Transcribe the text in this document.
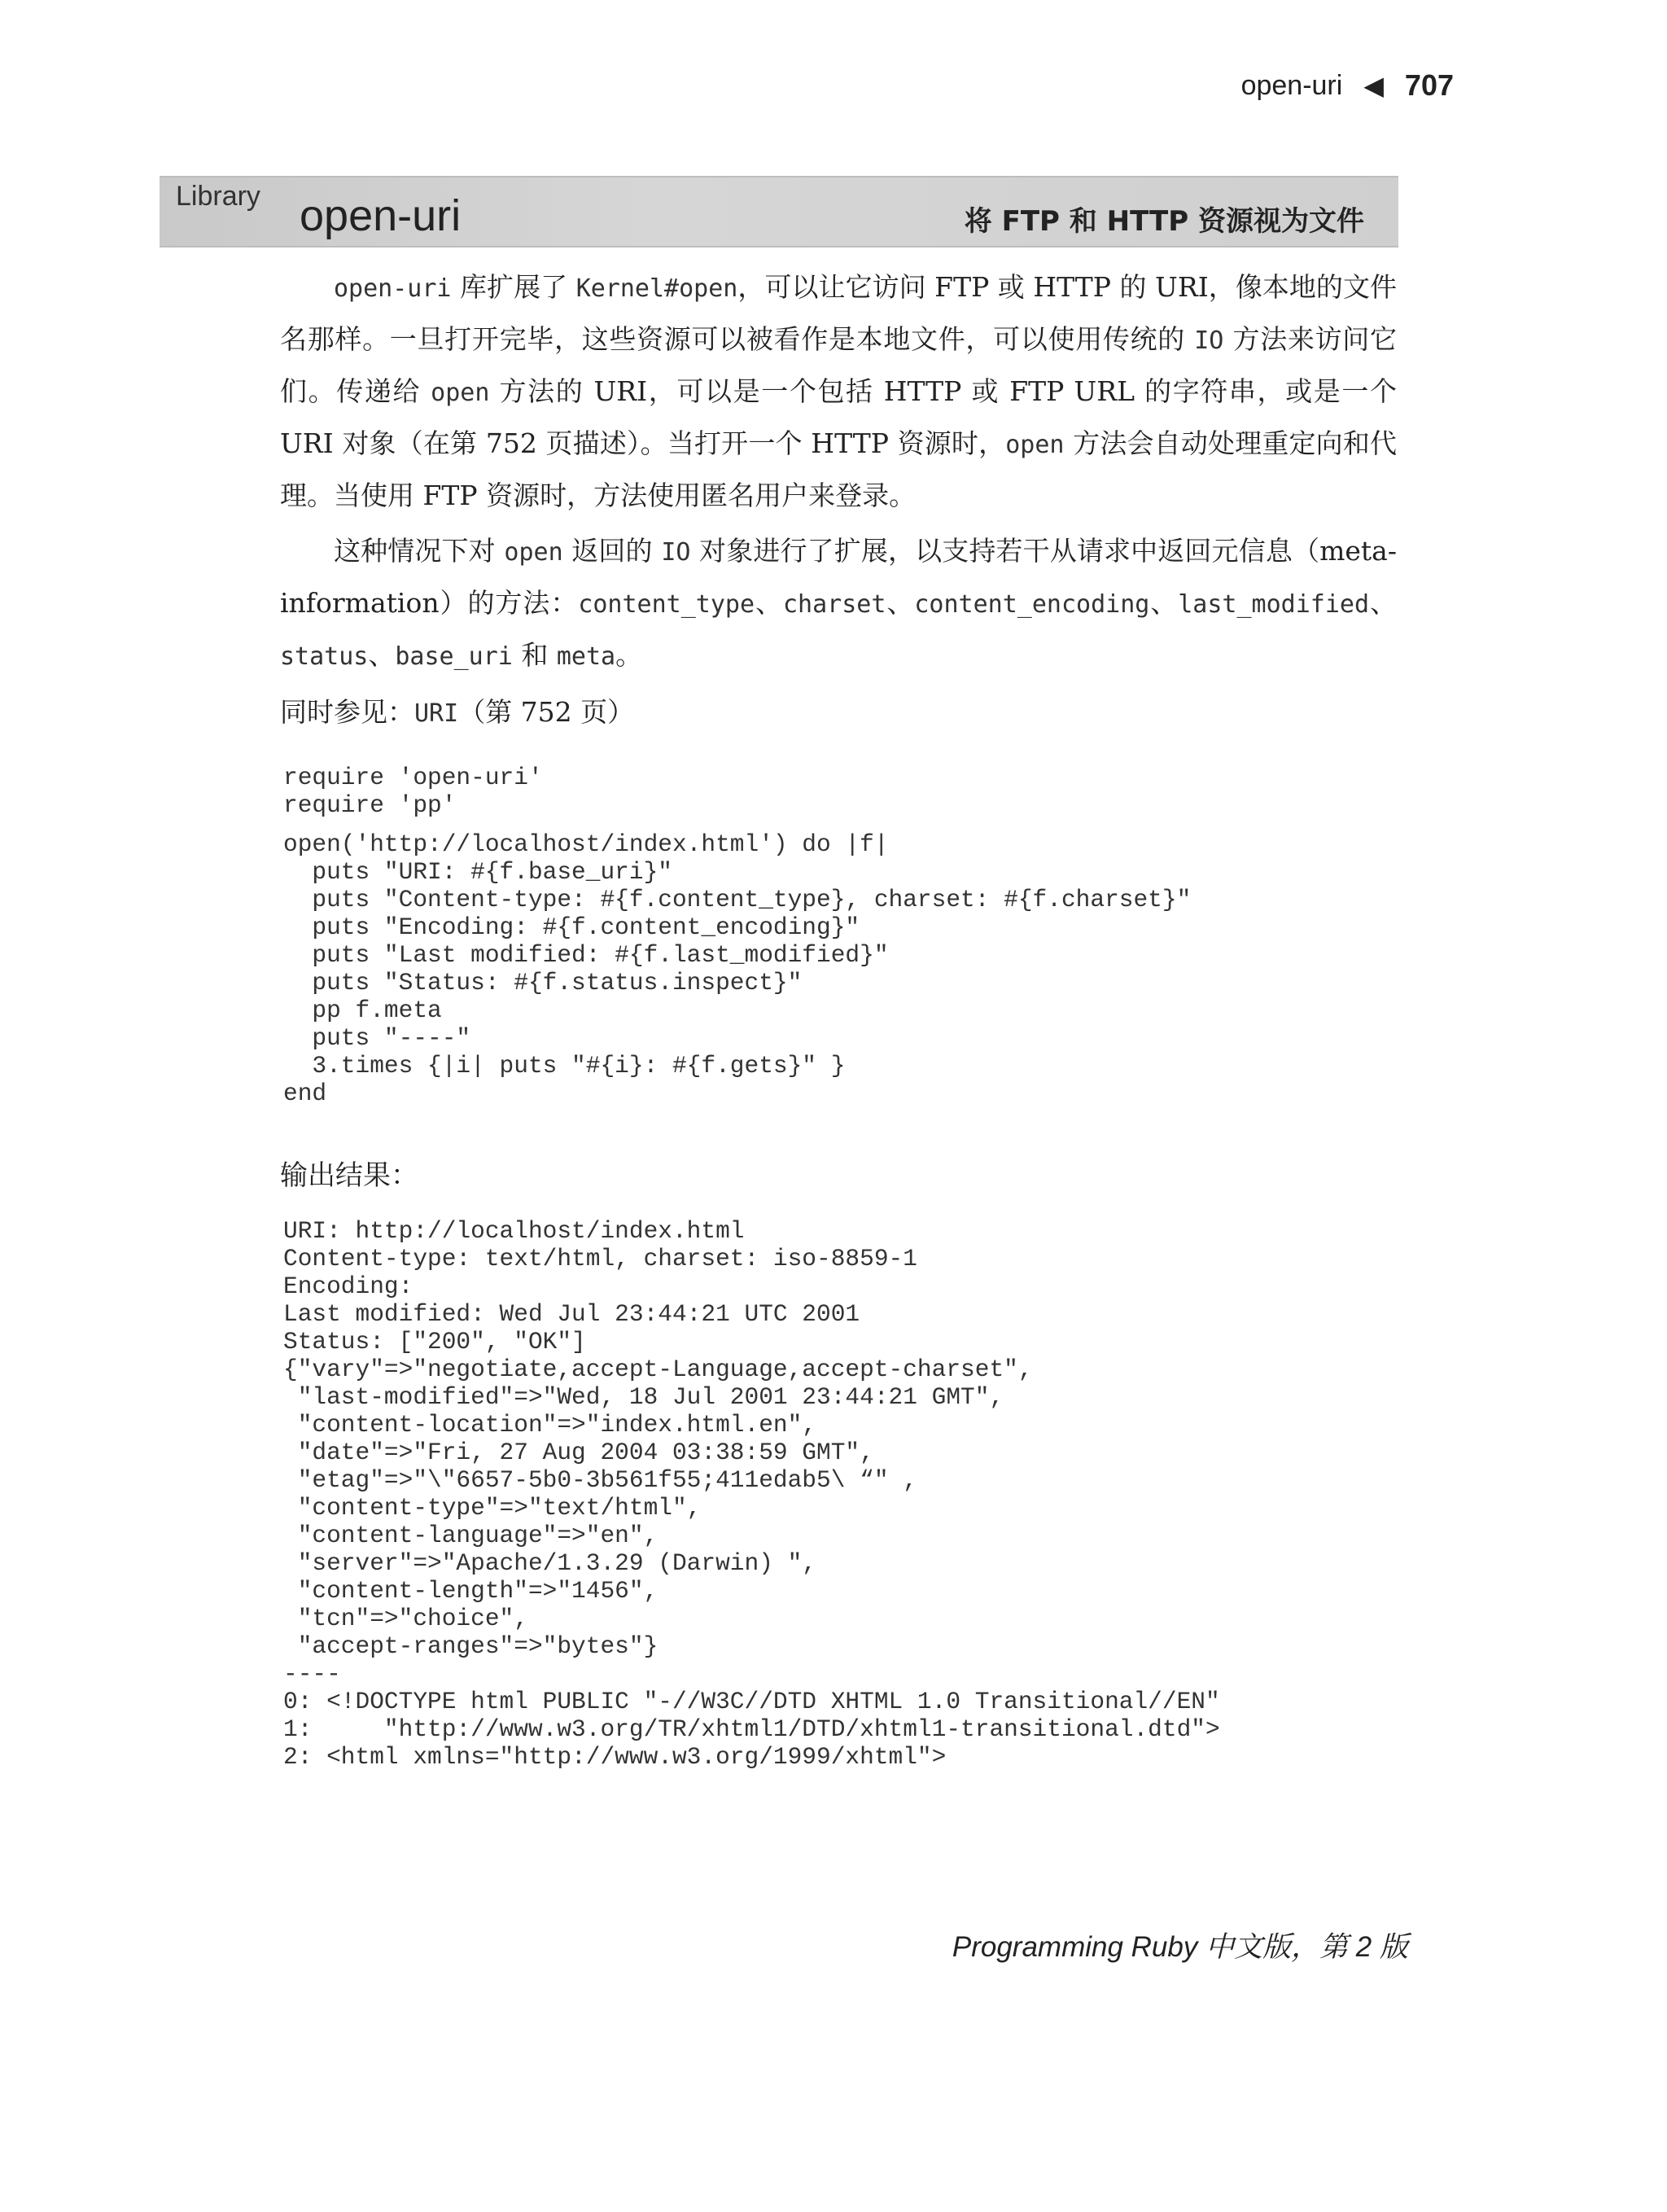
open-uri ◀ 707
Library open-uri	将 FTP 和 HTTP 资源视为文件

open-uri 库扩展了 Kernel#open，可以让它访问 FTP 或 HTTP 的 URI，像本地的文件名那样。一旦打开完毕，这些资源可以被看作是本地文件，可以使用传统的 IO 方法来访问它们。传递给 open 方法的 URI，可以是一个包括 HTTP 或 FTP URL 的字符串，或是一个 URI 对象（在第 752 页描述）。当打开一个 HTTP 资源时，open 方法会自动处理重定向和代理。当使用 FTP 资源时，方法使用匿名用户来登录。

这种情况下对 open 返回的 IO 对象进行了扩展，以支持若干从请求中返回元信息（meta-information）的方法：content_type、charset、content_encoding、last_modified、status、base_uri 和 meta。

同时参见：URI（第 752 页）
require 'open-uri'
require 'pp'
open('http://localhost/index.html') do |f|
puts "URI: #{f.base_uri}"
puts "Content-type: #{f.content_type}, charset: #{f.charset}"
puts "Encoding: #{f.content_encoding}"
puts "Last modified: #{f.last_modified}"
puts "Status: #{f.status.inspect}"
pp f.meta
puts "----"
3.times {|i| puts "#{i}: #{f.gets}" }
end
输出结果：
URI: http://localhost/index.html
Content-type: text/html, charset: iso-8859-1
Encoding:
Last modified: Wed Jul 23:44:21 UTC 2001
Status: ["200", "OK"]
{"vary"=>"negotiate,accept-Language,accept-charset",
"last-modified"=>"Wed, 18 Jul 2001 23:44:21 GMT",
"content-location"=>"index.html.en",
"date"=>"Fri, 27 Aug 2004 03:38:59 GMT",
"etag"=>"\"6657-5b0-3b561f55;411edab5\ “" ,
"content-type"=>"text/html",
"content-language"=>"en",
"server"=>"Apache/1.3.29 (Darwin) ",
"content-length"=>"1456",
"tcn"=>"choice",
"accept-ranges"=>"bytes"}
----
0: <!DOCTYPE html PUBLIC "-//W3C//DTD XHTML 1.0 Transitional//EN"
1:     "http://www.w3.org/TR/xhtml1/DTD/xhtml1-transitional.dtd">
2: <html xmlns="http://www.w3.org/1999/xhtml">
Programming Ruby 中文版，第 2 版
